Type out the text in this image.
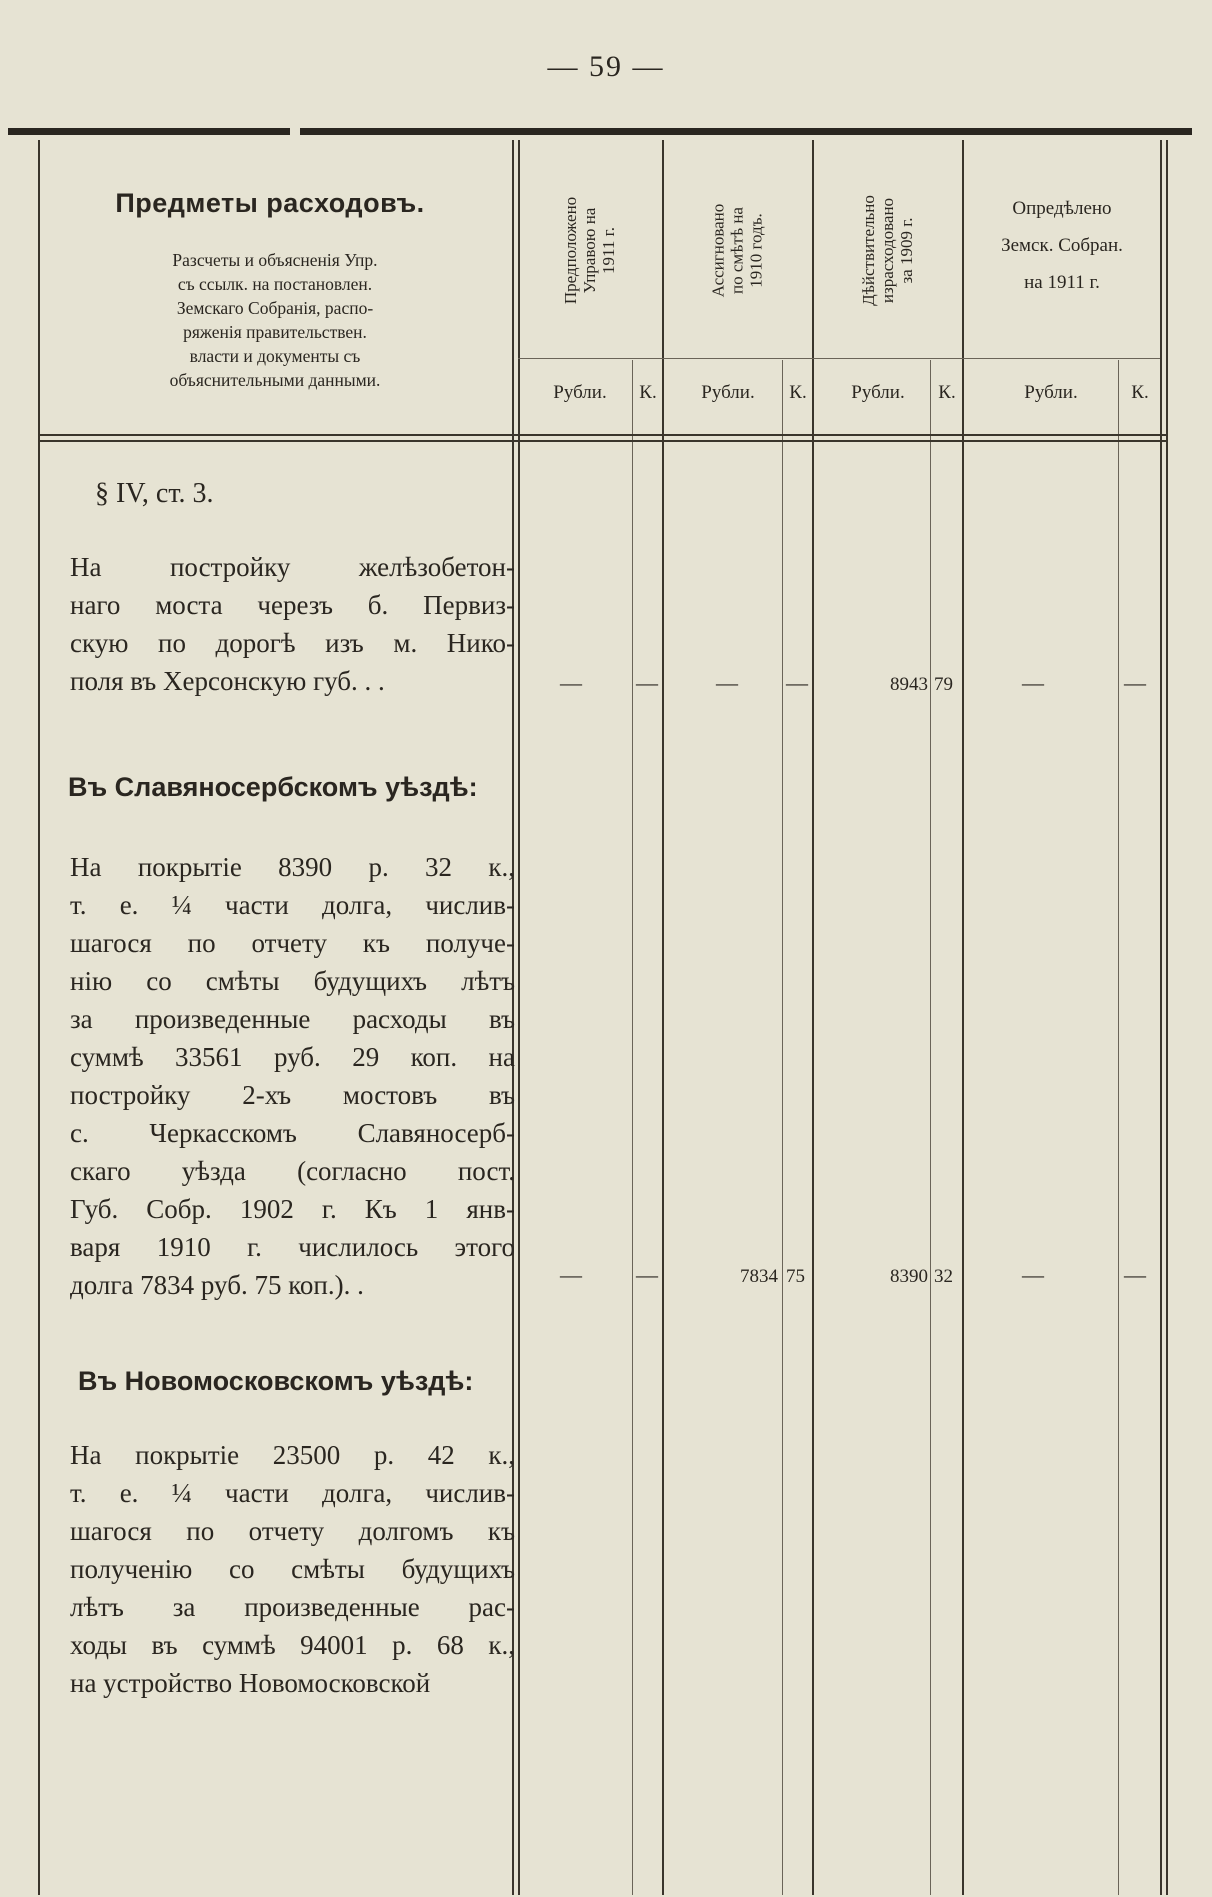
— 59 —
Предметы расходовъ.
Разсчеты и объясненія Упр.
съ ссылк. на постановлен.
Земскаго Собранія, распо-
ряженія правительствен.
власти и документы съ
объяснительными данными.
Предположено Управою на 1911 г.	Ассигновано по смѣтѣ на 1910 годъ.	Дѣйствительно израсходовано за 1909 г.
Опредѣлено
Земск. Собран.
на 1911 г.
Рубли.	К.	Рубли.	К.	Рубли.	К.	Рубли.	К.
§ IV, ст. 3.
На постройку желѣзобетон-
наго моста черезъ б. Первиз-
скую по дорогѣ изъ м. Нико-
поля въ Херсонскую губ. . .	— —	— —	8943 79	—	—
Въ Славяносербскомъ уѣздѣ:
На покрытіе 8390 р. 32 к.,
т. е. ¼ части долга, числив-
шагося по отчету къ получе-
нію со смѣты будущихъ лѣтъ
за произведенные расходы въ
суммѣ 33561 руб. 29 коп. на
постройку 2-хъ мостовъ въ
с. Черкасскомъ Славяносерб-
скаго уѣзда (согласно пост.
Губ. Собр. 1902 г. Къ 1 янв-
варя 1910 г. числилось этого
долга 7834 руб. 75 коп.). .	— —	7834 75	8390 32	—	—
Въ Новомосковскомъ уѣздѣ:
На покрытіе 23500 р. 42 к.,
т. е. ¼ части долга, числив-
шагося по отчету долгомъ къ
полученію со смѣты будущихъ
лѣтъ за произведенные рас-
ходы въ суммѣ 94001 р. 68 к.,
на устройство Новомосковской
